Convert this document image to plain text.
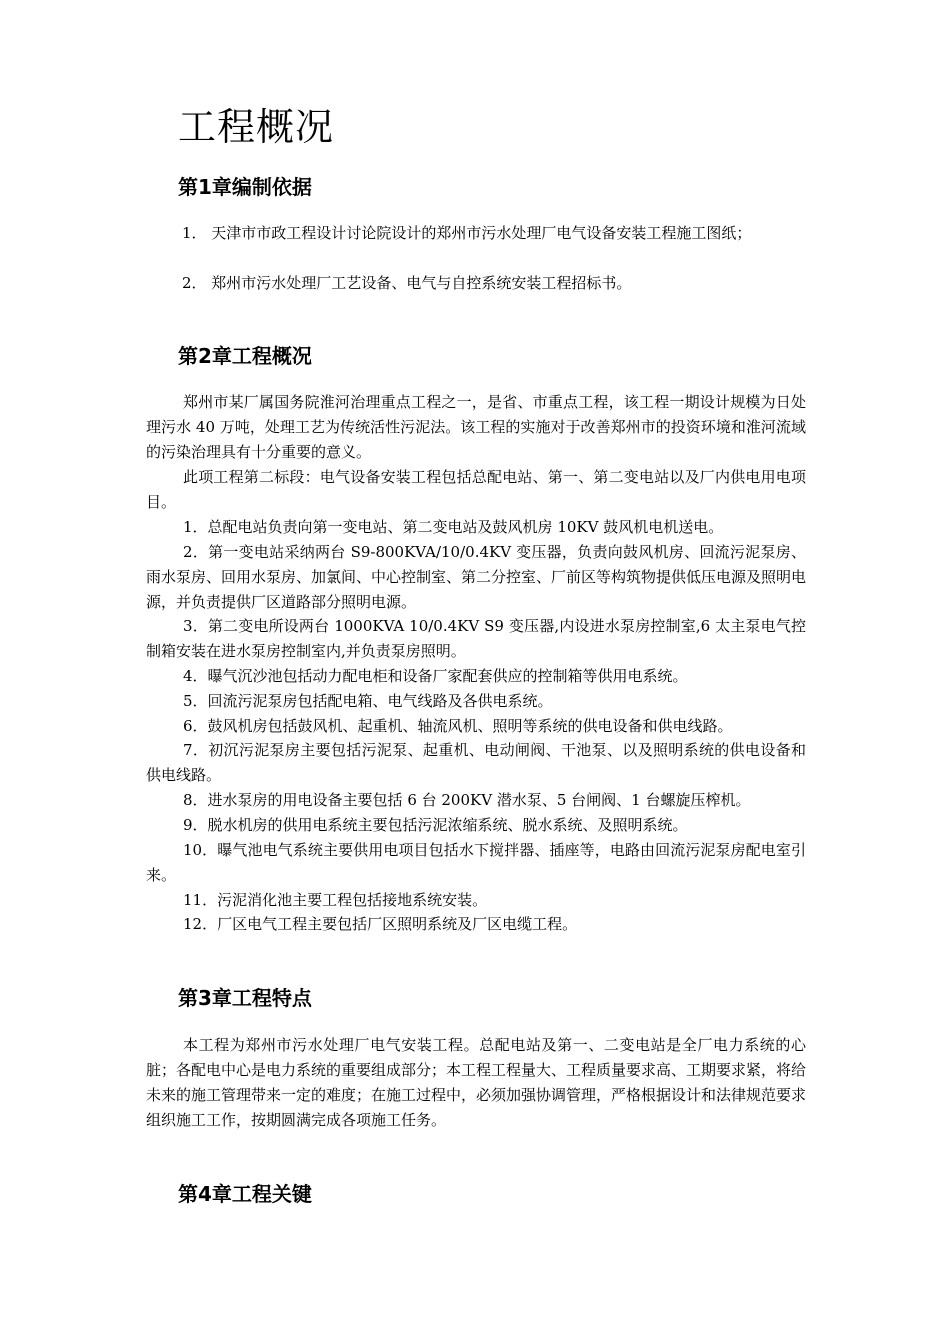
工程概况
第1章编制依据

1． 天津市市政工程设计讨论院设计的郑州市污水处理厂电气设备安装工程施工图纸；

2． 郑州市污水处理厂工艺设备、电气与自控系统安装工程招标书。

第2章工程概况

郑州市某厂属国务院淮河治理重点工程之一，是省、市重点工程，该工程一期设计规模为日处理污水 40 万吨，处理工艺为传统活性污泥法。该工程的实施对于改善郑州市的投资环境和淮河流域的污染治理具有十分重要的意义。

此项工程第二标段：电气设备安装工程包括总配电站、第一、第二变电站以及厂内供电用电项目。

1．总配电站负责向第一变电站、第二变电站及鼓风机房 10KV 鼓风机电机送电。

2．第一变电站采纳两台 S9-800KVA/10/0.4KV 变压器，负责向鼓风机房、回流污泥泵房、雨水泵房、回用水泵房、加氯间、中心控制室、第二分控室、厂前区等构筑物提供低压电源及照明电源，并负责提供厂区道路部分照明电源。

3．第二变电所设两台 1000KVA 10/0.4KV S9 变压器,内设进水泵房控制室,6 太主泵电气控制箱安装在进水泵房控制室内,并负责泵房照明。

4．曝气沉沙池包括动力配电柜和设备厂家配套供应的控制箱等供用电系统。

5．回流污泥泵房包括配电箱、电气线路及各供电系统。

6．鼓风机房包括鼓风机、起重机、轴流风机、照明等系统的供电设备和供电线路。

7．初沉污泥泵房主要包括污泥泵、起重机、电动闸阀、干池泵、以及照明系统的供电设备和供电线路。

8．进水泵房的用电设备主要包括 6 台 200KV 潜水泵、5 台闸阀、1 台螺旋压榨机。

9．脱水机房的供用电系统主要包括污泥浓缩系统、脱水系统、及照明系统。

10．曝气池电气系统主要供用电项目包括水下搅拌器、插座等，电路由回流污泥泵房配电室引来。

11．污泥消化池主要工程包括接地系统安装。

12．厂区电气工程主要包括厂区照明系统及厂区电缆工程。

第3章工程特点

本工程为郑州市污水处理厂电气安装工程。总配电站及第一、二变电站是全厂电力系统的心脏；各配电中心是电力系统的重要组成部分；本工程工程量大、工程质量要求高、工期要求紧，将给未来的施工管理带来一定的难度；在施工过程中，必须加强协调管理，严格根据设计和法律规范要求组织施工工作，按期圆满完成各项施工任务。

第4章工程关键
